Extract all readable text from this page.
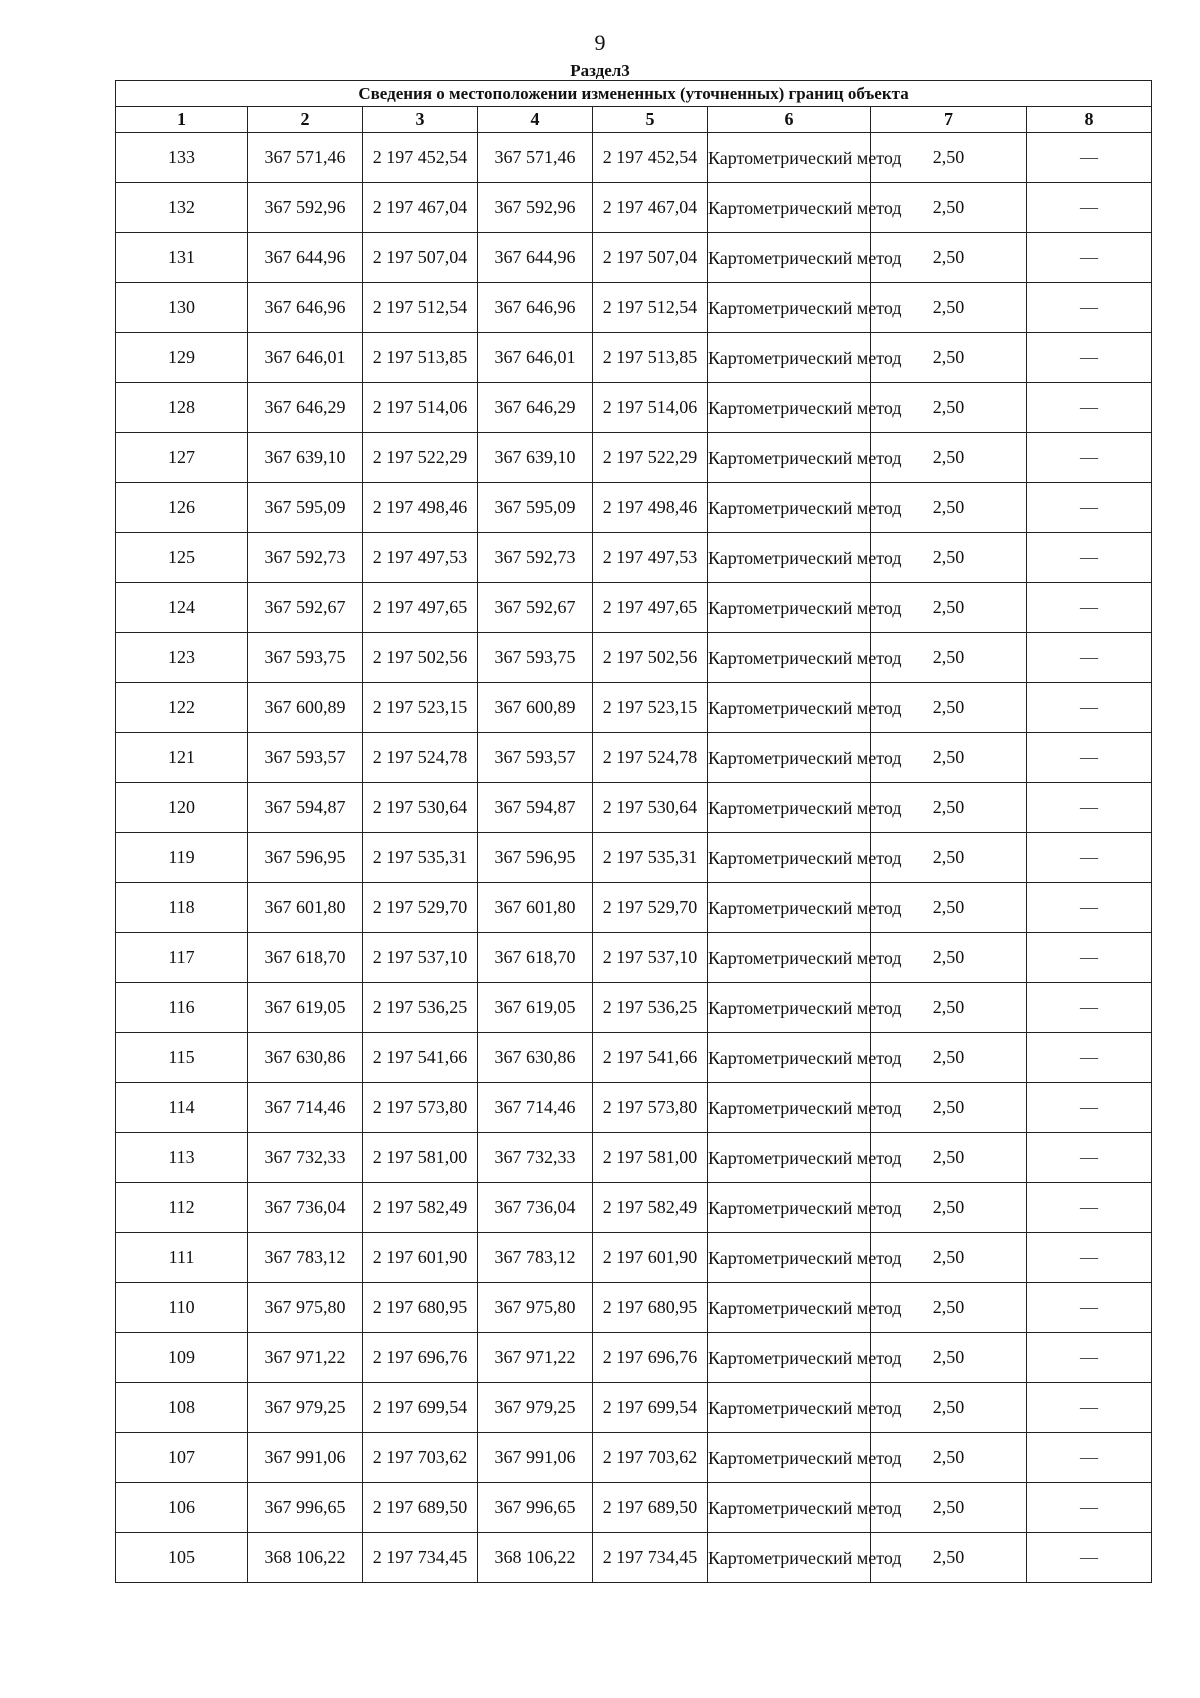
9
Раздел3
Сведения о местоположении измененных (уточненных) границ объекта							
1	2	3	4	5	6	7	8
133	367 571,46	2 197 452,54	367 571,46	2 197 452,54	Картометрический метод	2,50	—
132	367 592,96	2 197 467,04	367 592,96	2 197 467,04	Картометрический метод	2,50	—
131	367 644,96	2 197 507,04	367 644,96	2 197 507,04	Картометрический метод	2,50	—
130	367 646,96	2 197 512,54	367 646,96	2 197 512,54	Картометрический метод	2,50	—
129	367 646,01	2 197 513,85	367 646,01	2 197 513,85	Картометрический метод	2,50	—
128	367 646,29	2 197 514,06	367 646,29	2 197 514,06	Картометрический метод	2,50	—
127	367 639,10	2 197 522,29	367 639,10	2 197 522,29	Картометрический метод	2,50	—
126	367 595,09	2 197 498,46	367 595,09	2 197 498,46	Картометрический метод	2,50	—
125	367 592,73	2 197 497,53	367 592,73	2 197 497,53	Картометрический метод	2,50	—
124	367 592,67	2 197 497,65	367 592,67	2 197 497,65	Картометрический метод	2,50	—
123	367 593,75	2 197 502,56	367 593,75	2 197 502,56	Картометрический метод	2,50	—
122	367 600,89	2 197 523,15	367 600,89	2 197 523,15	Картометрический метод	2,50	—
121	367 593,57	2 197 524,78	367 593,57	2 197 524,78	Картометрический метод	2,50	—
120	367 594,87	2 197 530,64	367 594,87	2 197 530,64	Картометрический метод	2,50	—
119	367 596,95	2 197 535,31	367 596,95	2 197 535,31	Картометрический метод	2,50	—
118	367 601,80	2 197 529,70	367 601,80	2 197 529,70	Картометрический метод	2,50	—
117	367 618,70	2 197 537,10	367 618,70	2 197 537,10	Картометрический метод	2,50	—
116	367 619,05	2 197 536,25	367 619,05	2 197 536,25	Картометрический метод	2,50	—
115	367 630,86	2 197 541,66	367 630,86	2 197 541,66	Картометрический метод	2,50	—
114	367 714,46	2 197 573,80	367 714,46	2 197 573,80	Картометрический метод	2,50	—
113	367 732,33	2 197 581,00	367 732,33	2 197 581,00	Картометрический метод	2,50	—
112	367 736,04	2 197 582,49	367 736,04	2 197 582,49	Картометрический метод	2,50	—
111	367 783,12	2 197 601,90	367 783,12	2 197 601,90	Картометрический метод	2,50	—
110	367 975,80	2 197 680,95	367 975,80	2 197 680,95	Картометрический метод	2,50	—
109	367 971,22	2 197 696,76	367 971,22	2 197 696,76	Картометрический метод	2,50	—
108	367 979,25	2 197 699,54	367 979,25	2 197 699,54	Картометрический метод	2,50	—
107	367 991,06	2 197 703,62	367 991,06	2 197 703,62	Картометрический метод	2,50	—
106	367 996,65	2 197 689,50	367 996,65	2 197 689,50	Картометрический метод	2,50	—
105	368 106,22	2 197 734,45	368 106,22	2 197 734,45	Картометрический метод	2,50	—
